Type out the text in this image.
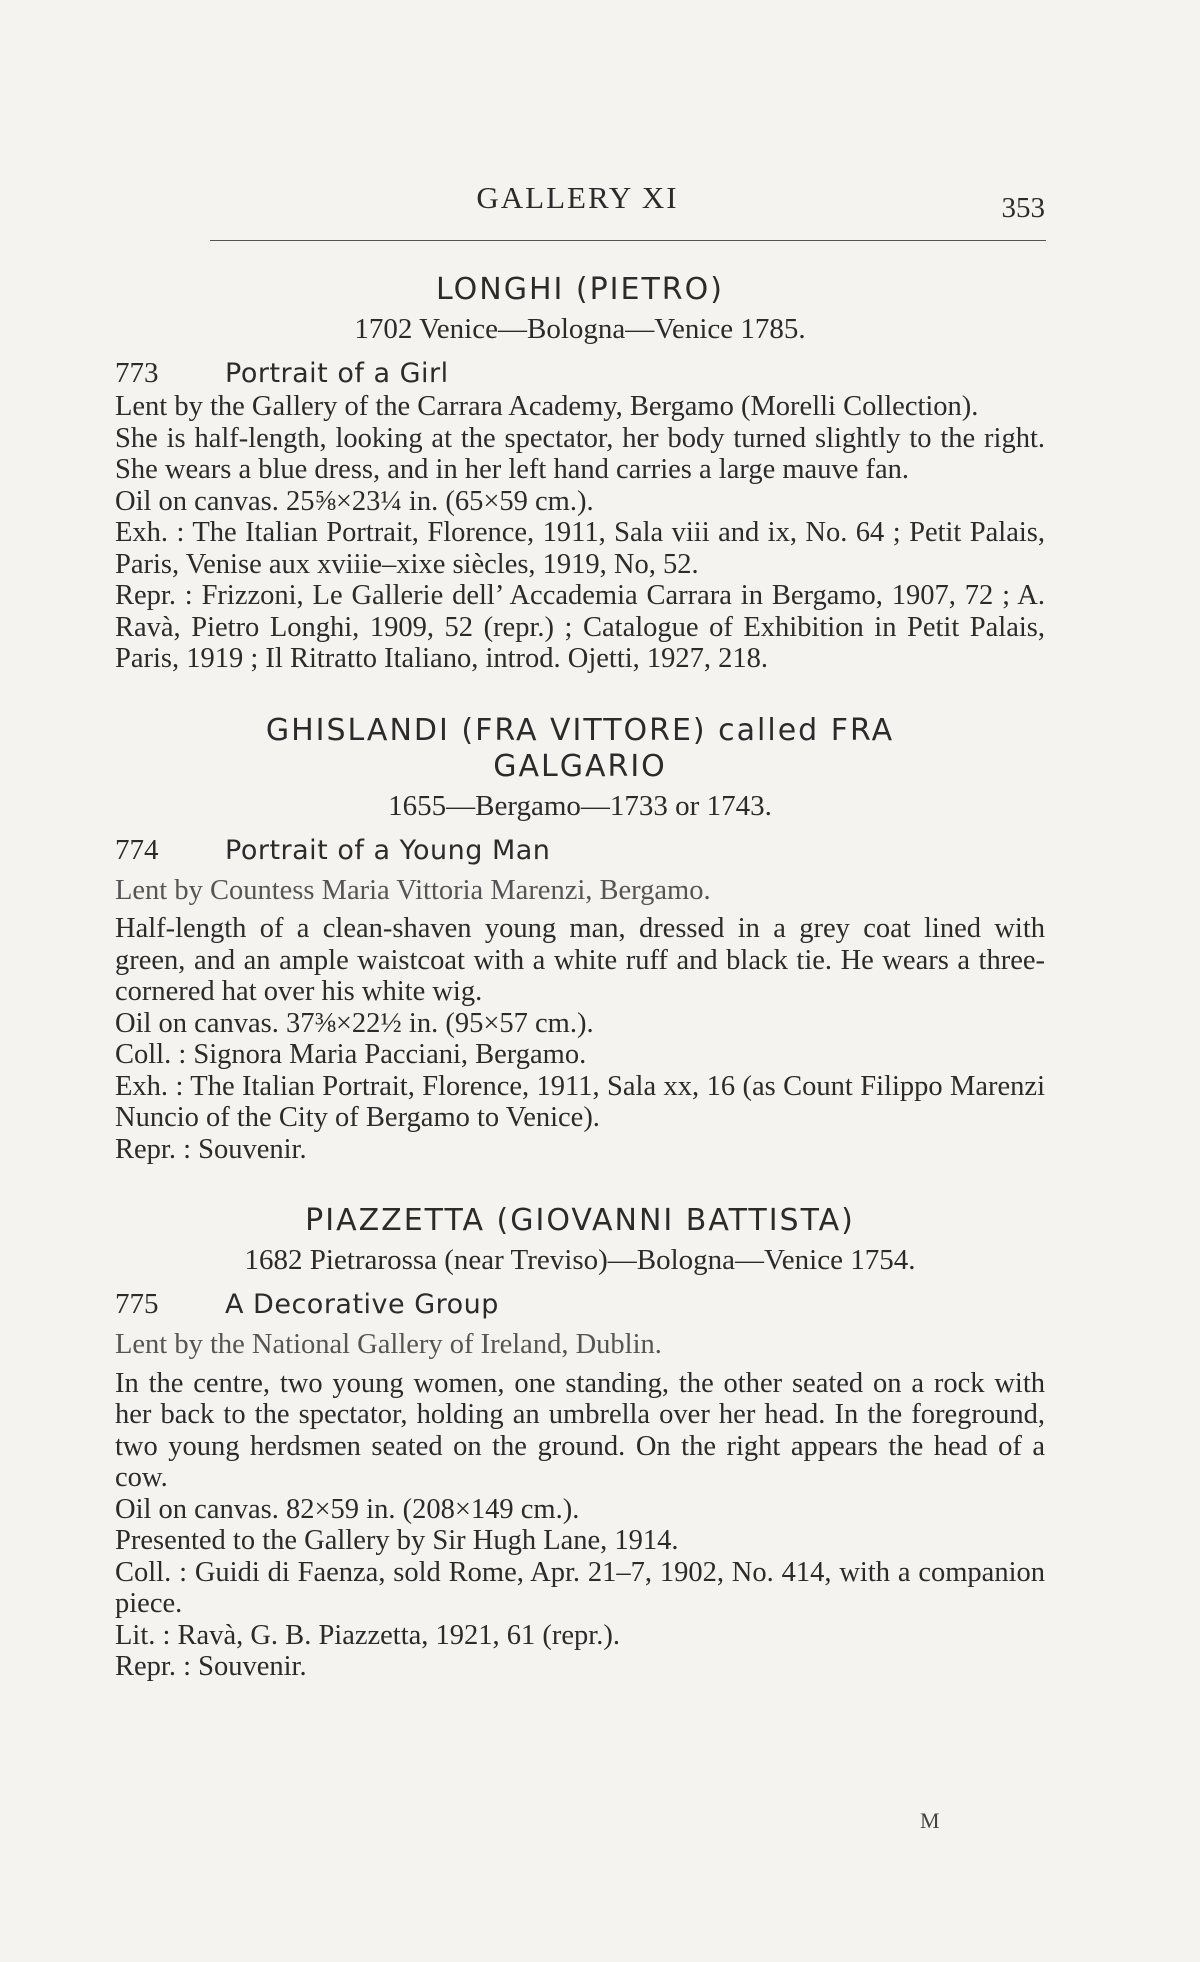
GALLERY XI	353
LONGHI (PIETRO)
1702 Venice—Bologna—Venice 1785.
773	Portrait of a Girl

Lent by the Gallery of the Carrara Academy, Bergamo (Morelli Collection).

She is half-length, looking at the spectator, her body turned slightly to the right. She wears a blue dress, and in her left hand carries a large mauve fan.

Oil on canvas. 25⅝×23¼ in. (65×59 cm.).

Exh. : The Italian Portrait, Florence, 1911, Sala viii and ix, No. 64 ; Petit Palais, Paris, Venise aux xviiie–xixe siècles, 1919, No, 52.

Repr. : Frizzoni, Le Gallerie dell’ Accademia Carrara in Bergamo, 1907, 72 ; A. Ravà, Pietro Longhi, 1909, 52 (repr.) ; Catalogue of Exhibition in Petit Palais, Paris, 1919 ; Il Ritratto Italiano, introd. Ojetti, 1927, 218.

GHISLANDI (FRA VITTORE) called FRA
GALGARIO
1655—Bergamo—1733 or 1743.
774	Portrait of a Young Man

Lent by Countess Maria Vittoria Marenzi, Bergamo.

Half-length of a clean-shaven young man, dressed in a grey coat lined with green, and an ample waistcoat with a white ruff and black tie. He wears a three-cornered hat over his white wig.

Oil on canvas. 37⅜×22½ in. (95×57 cm.).

Coll. : Signora Maria Pacciani, Bergamo.

Exh. : The Italian Portrait, Florence, 1911, Sala xx, 16 (as Count Filippo Marenzi Nuncio of the City of Bergamo to Venice).

Repr. : Souvenir.

PIAZZETTA (GIOVANNI BATTISTA)
1682 Pietrarossa (near Treviso)—Bologna—Venice 1754.
775	A Decorative Group

Lent by the National Gallery of Ireland, Dublin.

In the centre, two young women, one standing, the other seated on a rock with her back to the spectator, holding an umbrella over her head. In the foreground, two young herdsmen seated on the ground. On the right appears the head of a cow.

Oil on canvas. 82×59 in. (208×149 cm.).

Presented to the Gallery by Sir Hugh Lane, 1914.

Coll. : Guidi di Faenza, sold Rome, Apr. 21–7, 1902, No. 414, with a companion piece.

Lit. : Ravà, G. B. Piazzetta, 1921, 61 (repr.).

Repr. : Souvenir.

M
